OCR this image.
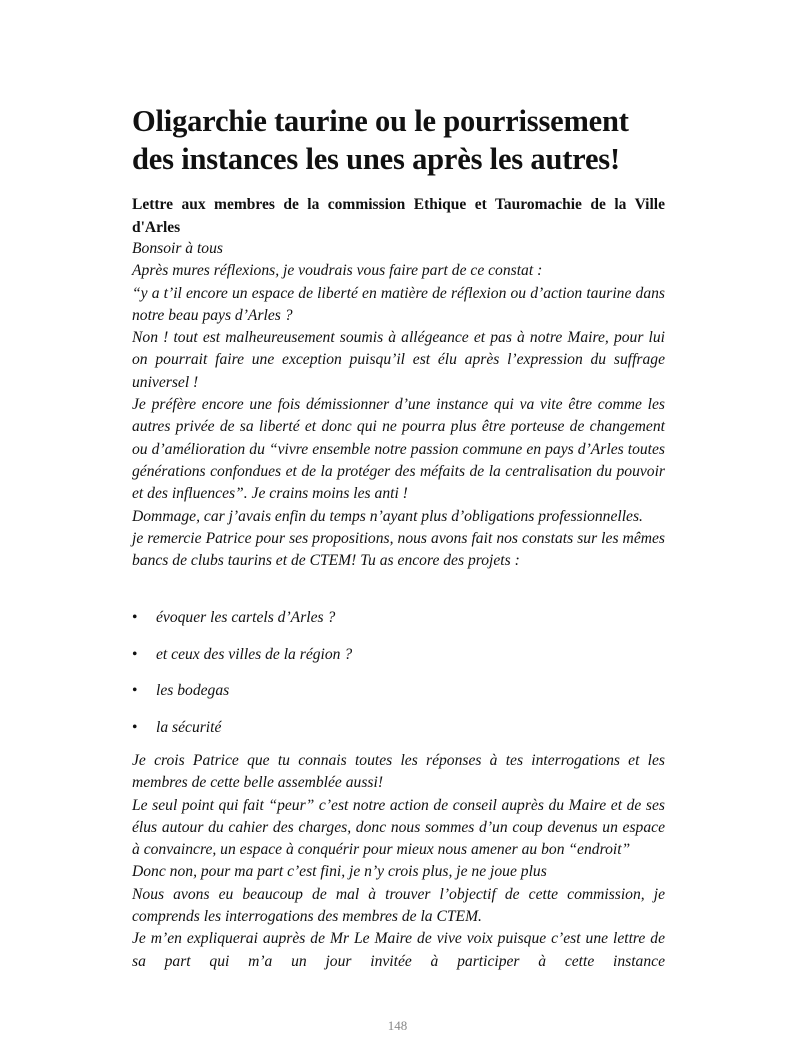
Oligarchie taurine ou le pourrissement des instances les unes après les autres!
Lettre aux membres de la commission Ethique et Tauromachie de la Ville d'Arles

Bonsoir à tous

Après mures réflexions, je voudrais vous faire part de ce constat :

“y a t’il encore un espace de liberté en matière de réflexion ou d’action taurine dans notre beau pays d’Arles ?

Non ! tout est malheureusement soumis à allégeance et pas à notre Maire, pour lui on pourrait faire une exception puisqu’il est élu après l’expression du suffrage universel !

Je préfère encore une fois démissionner d’une instance qui va vite être comme les autres privée de sa liberté et donc qui ne pourra plus être porteuse de changement ou d’amélioration du “vivre ensemble notre passion commune en pays d’Arles toutes générations confondues et de la protéger des méfaits de la centralisation du pouvoir et des influences”. Je crains moins les anti !

Dommage, car j’avais enfin du temps n’ayant plus d’obligations professionnelles.

je remercie Patrice pour ses propositions, nous avons fait nos constats sur les mêmes bancs de clubs taurins et de CTEM! Tu as encore des projets :

• évoquer les cartels d’Arles ?
• et ceux des villes de la région ?
• les bodegas
• la sécurité

Je crois Patrice que tu connais toutes les réponses à tes interrogations et les membres de cette belle assemblée aussi!

Le seul point qui fait “peur” c’est notre action de conseil auprès du Maire et de ses élus autour du cahier des charges, donc nous sommes d’un coup devenus un espace à convaincre, un espace à conquérir pour mieux nous amener au bon “endroit”

Donc non, pour ma part c’est fini, je n’y crois plus, je ne joue plus

Nous avons eu beaucoup de mal à trouver l’objectif de cette commission, je comprends les interrogations des membres de la CTEM.

Je m’en expliquerai auprès de Mr Le Maire de vive voix puisque c’est une lettre de sa part qui m’a un jour invitée à participer à cette instance

148
